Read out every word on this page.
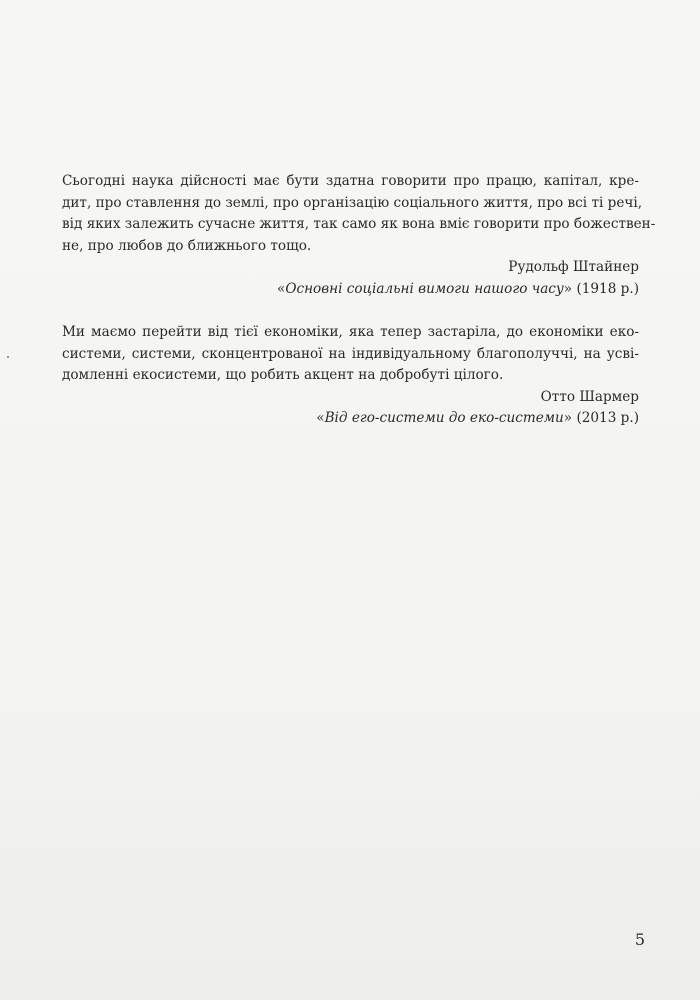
Сьогодні наука дійсності має бути здатна говорити про працю, капітал, кре-
дит, про ставлення до землі, про організацію соціального життя, про всі ті речі,
від яких залежить сучасне життя, так само як вона вміє говорити про божествен-
не, про любов до ближнього тощо.
Рудольф Штайнер
«Основні соціальні вимоги нашого часу» (1918 р.)
Ми маємо перейти від тієї економіки, яка тепер застаріла, до економіки еко-
системи, системи, сконцентрованої на індивідуальному благополуччі, на усві-
домленні екосистеми, що робить акцент на добробуті цілого.
Отто Шармер
«Від его-системи до еко-системи» (2013 р.)
5
